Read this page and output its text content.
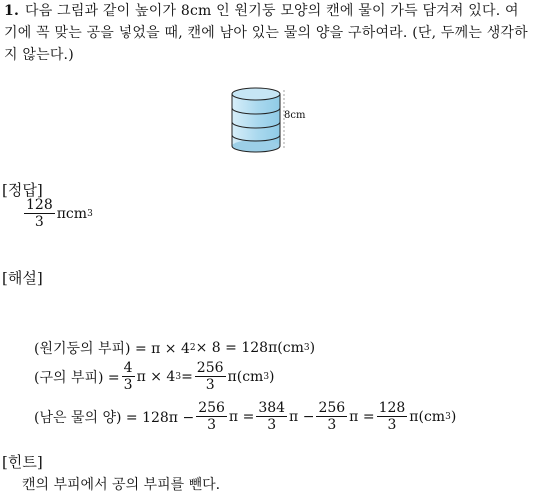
1. 다음 그림과 같이 높이가 8cm 인 원기둥 모양의 캔에 물이 가득 담겨져 있다. 여기에 꼭 맞는 공을 넣었을 때, 캔에 남아 있는 물의 양을 구하여라. (단, 두께는 생각하지 않는다.)
8cm
[정답]
$\frac{128}{3}$ πcm 3
[해설]
(원기둥의 부피) = π × 4 2 × 8 = 128π(cm 3 )
(구의 부피) = $\frac{4}{3}$ π × 4 $3 = \frac{256}{3} \pi(cm$ 3 )
(남은 물의 양) = $128\pi - \frac{256}{3}$ $\pi = \frac{384}{3}$ $\pi - \frac{256}{3}$ $\pi = \frac{128}{3} \pi(cm$ 3 )
[힌트]
캔의 부피에서 공의 부피를 뺀다.
